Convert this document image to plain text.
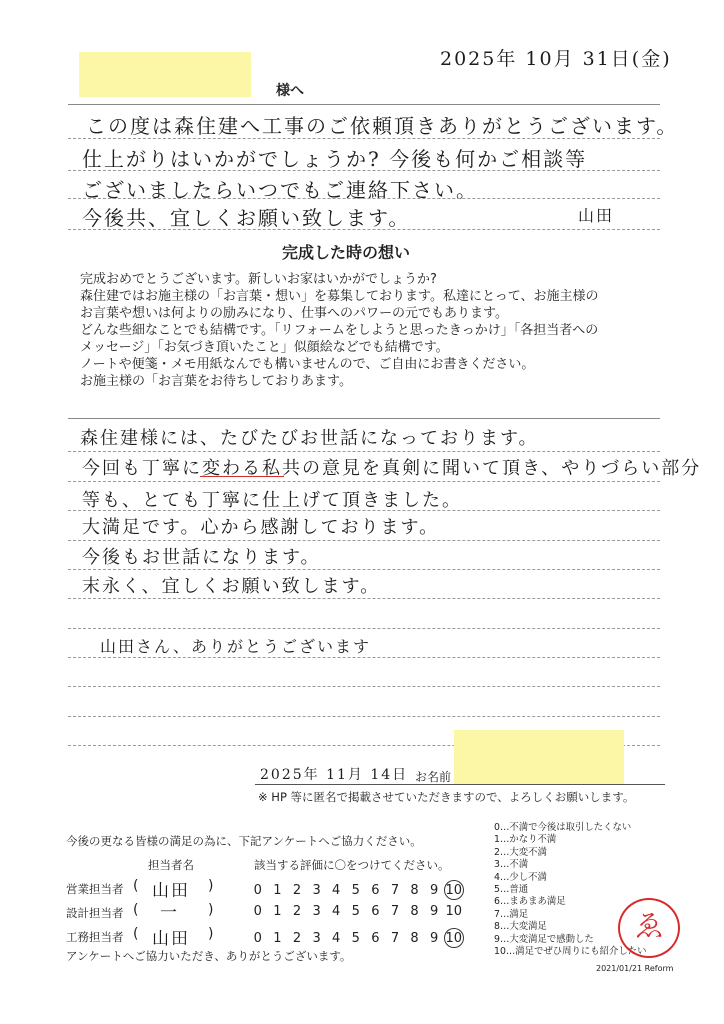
2025年 10月 31日(金)
様へ
この度は森住建へ工事のご依頼頂きありがとうございます。
仕上がりはいかがでしょうか? 今後も何かご相談等
ございましたらいつでもご連絡下さい。
今後共、宜しくお願い致します。	山田
完成した時の想い
完成おめでとうございます。新しいお家はいかがでしょうか?
森住建ではお施主様の「お言葉・想い」を募集しております。私達にとって、お施主様の
お言葉や想いは何よりの励みになり、仕事へのパワーの元でもあります。
どんな些細なことでも結構です。「リフォームをしようと思ったきっかけ」「各担当者への
メッセージ」「お気づき頂いたこと」似顔絵などでも結構です。
ノートや便箋・メモ用紙なんでも構いませんので、ご自由にお書きください。
お施主様の「お言葉をお待ちしておりあます。
森住建様には、たびたびお世話になっております。
今回も丁寧に変わる私共の意見を真剣に聞いて頂き、やりづらい部分
等も、とても丁寧に仕上げて頂きました。
大満足です。心から感謝しております。
今後もお世話になります。
末永く、宜しくお願い致します。
山田さん、ありがとうございます
2025年 11月 14日 お名前
※ HP 等に匿名で掲載させていただきますので、よろしくお願いします。
今後の更なる皆様の満足の為に、下記アンケートへご協力ください。
担当者名	該当する評価に〇をつけてください。
営業担当者 ( 山田 )	0 1 2 3 4 5 6 7 8 9 10
設計担当者 ( 一 )	0 1 2 3 4 5 6 7 8 9 10
工務担当者 ( 山田 )	0 1 2 3 4 5 6 7 8 9 10
アンケートへご協力いただき、ありがとうございます。
0…不満で今後は取引したくない
1…かなり不満
2…大変不満
3…不満
4…少し不満
5…普通
6…まあまあ満足
7…満足
8…大変満足
9…大変満足で感動した
10…満足でぜひ周りにも紹介したい
ゑ
2021/01/21 Reform
